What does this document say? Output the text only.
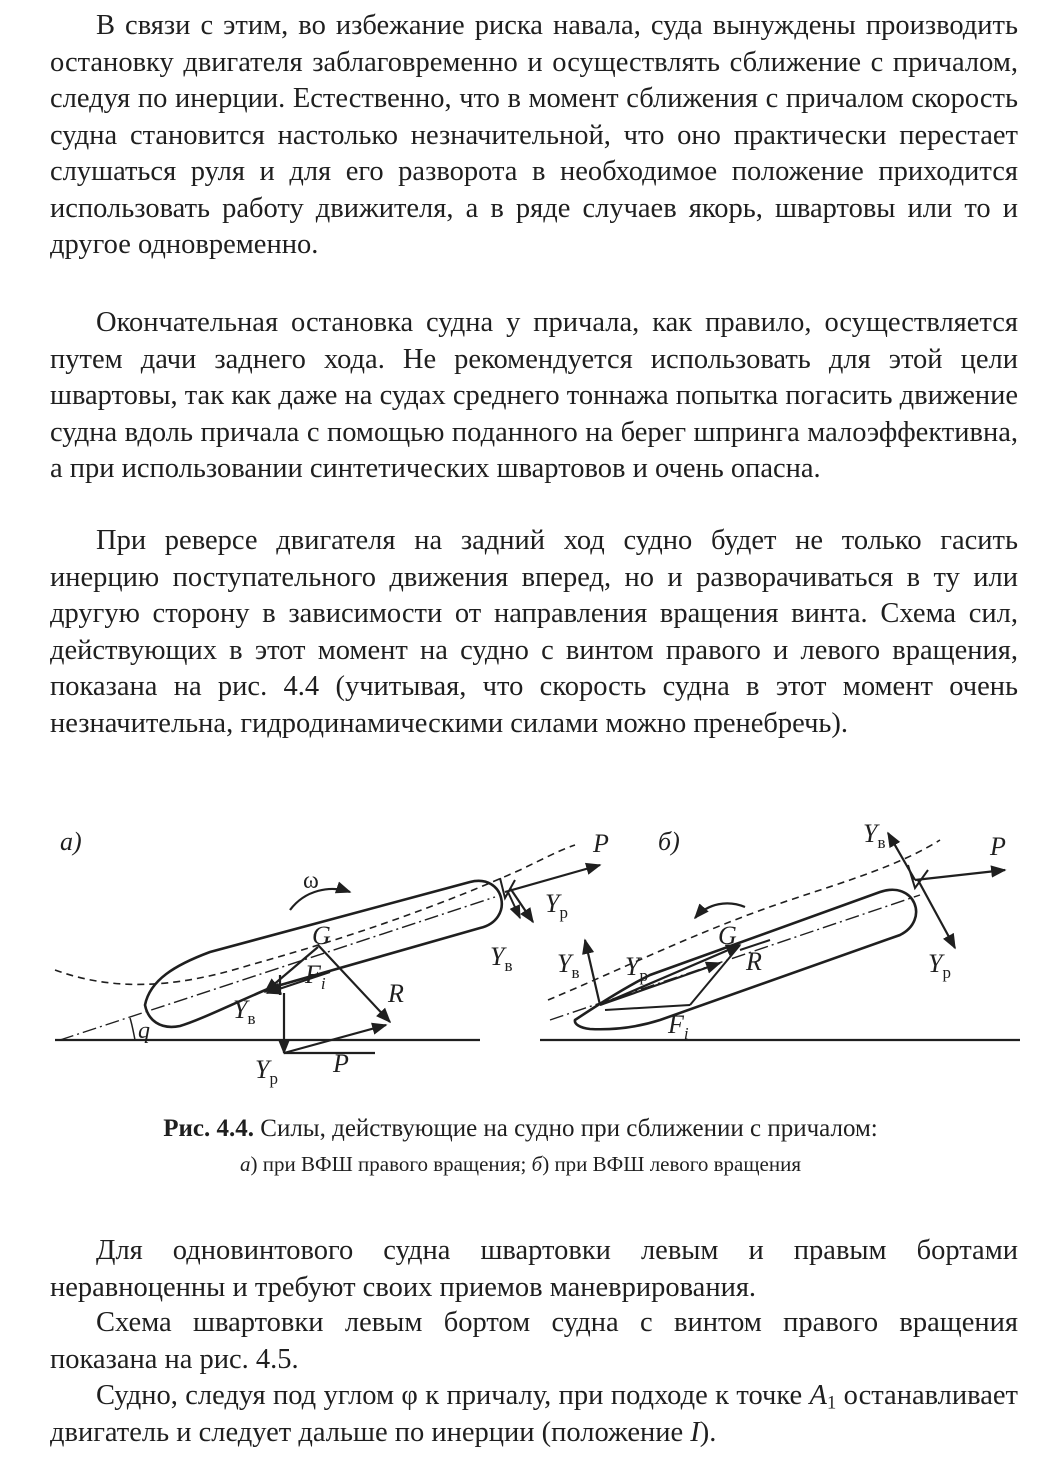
В связи с этим, во избежание риска навала, суда вынуждены производить остановку двигателя заблаговременно и осуществлять сближение с причалом, следуя по инерции. Естественно, что в момент сближения с причалом скорость судна становится настолько незначительной, что оно практически перестает слушаться руля и для его разворота в необходимое положение приходится использовать работу движителя, а в ряде случаев якорь, швартовы или то и другое одновременно.

Окончательная остановка судна у причала, как правило, осуществляется путем дачи заднего хода. Не рекомендуется использовать для этой цели швартовы, так как даже на судах среднего тоннажа попытка погасить движение судна вдоль причала с помощью поданного на берег шпринга малоэффективна, а при использовании синтетических швартовов и очень опасна.

При реверсе двигателя на задний ход судно будет не только гасить инерцию поступательного движения вперед, но и разворачиваться в ту или другую сторону в зависимости от направления вращения винта. Схема сил, действующих в этот момент на судно с винтом правого и левого вращения, показана на рис. 4.4 (учитывая, что скорость судна в этот момент очень незначительна, гидродинамическими силами можно пренебречь).

а)
ω
P
$Y_р$
$Y_в$
G
$F_i$ R
$Y_в$
q
$Y_р$
P
б)	$Y_в$	P
G
R
$Y_в$ $Y_р$	$Y_р$
$F_i$

Рис. 4.4. Силы, действующие на судно при сближении с причалом:

а) при ВФШ правого вращения; б) при ВФШ левого вращения

Для одновинтового судна швартовки левым и правым бортами неравноценны и требуют своих приемов маневрирования.

Схема швартовки левым бортом судна с винтом правого вращения показана на рис. 4.5.

Судно, следуя под углом φ к причалу, при подходе к точке $A_1$ останавливает двигатель и следует дальше по инерции (положение I).
